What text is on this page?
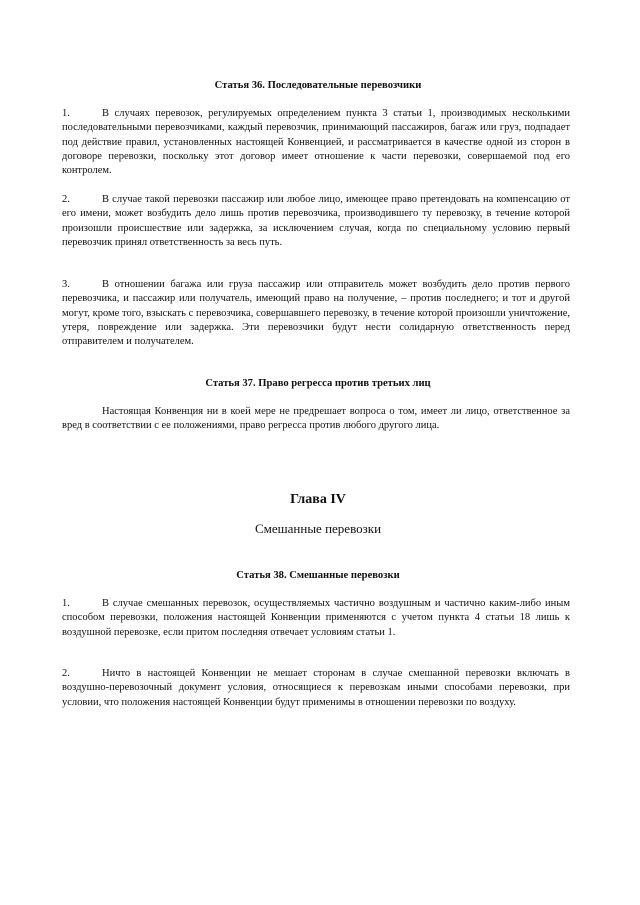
Статья 36. Последовательные перевозчики

1.	В случаях перевозок, регулируемых определением пункта 3 статьи 1, производимых несколькими последовательными перевозчиками, каждый перевозчик, принимающий пассажиров, багаж или груз, подпадает под действие правил, установленных настоящей Конвенцией, и рассматривается в качестве одной из сторон в договоре перевозки, поскольку этот договор имеет отношение к части перевозки, совершаемой под его контролем.

2.	В случае такой перевозки пассажир или любое лицо, имеющее право претендовать на компенсацию от его имени, может возбудить дело лишь против перевозчика, производившего ту перевозку, в течение которой произошли происшествие или задержка, за исключением случая, когда по специальному условию первый перевозчик принял ответственность за весь путь.

3.	В отношении багажа или груза пассажир или отправитель может возбудить дело против первого перевозчика, и пассажир или получатель, имеющий право на получение, – против последнего; и тот и другой могут, кроме того, взыскать с перевозчика, совершавшего перевозку, в течение которой произошли уничтожение, утеря, повреждение или задержка. Эти перевозчики будут нести солидарную ответственность перед отправителем и получателем.

Статья 37. Право регресса против третьих лиц

Настоящая Конвенция ни в коей мере не предрешает вопроса о том, имеет ли лицо, ответственное за вред в соответствии с ее положениями, право регресса против любого другого лица.

Глава IV
Смешанные перевозки
Статья 38. Смешанные перевозки

1.	В случае смешанных перевозок, осуществляемых частично воздушным и частично каким-либо иным способом перевозки, положения настоящей Конвенции применяются с учетом пункта 4 статьи 18 лишь к воздушной перевозке, если притом последняя отвечает условиям статьи 1.

2.	Ничто в настоящей Конвенции не мешает сторонам в случае смешанной перевозки включать в воздушно-перевозочный документ условия, относящиеся к перевозкам иными способами перевозки, при условии, что положения настоящей Конвенции будут применимы в отношении перевозки по воздуху.
